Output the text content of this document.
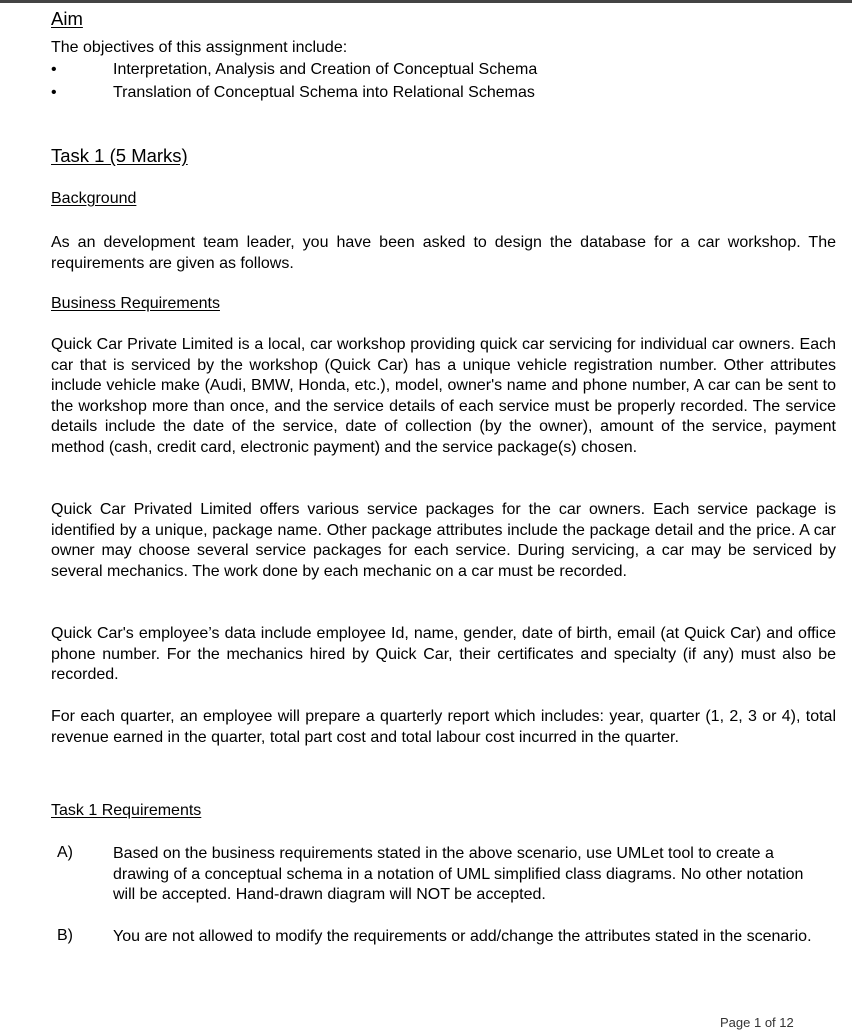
Aim
The objectives of this assignment include:
•	Interpretation, Analysis and Creation of Conceptual Schema
•	Translation of Conceptual Schema into Relational Schemas
Task 1 (5 Marks)
Background
As an development team leader, you have been asked to design the database for a car workshop. The requirements are given as follows.
Business Requirements
Quick Car Private Limited is a local, car workshop providing quick car servicing for individual car owners. Each car that is serviced by the workshop (Quick Car) has a unique vehicle registration number. Other attributes include vehicle make (Audi, BMW, Honda, etc.), model, owner's name and phone number, A car can be sent to the workshop more than once, and the service details of each service must be properly recorded. The service details include the date of the service, date of collection (by the owner), amount of the service, payment method (cash, credit card, electronic payment) and the service package(s) chosen.
Quick Car Privated Limited offers various service packages for the car owners. Each service package is identified by a unique, package name. Other package attributes include the package detail and the price. A car owner may choose several service packages for each service. During servicing, a car may be serviced by several mechanics. The work done by each mechanic on a car must be recorded.
Quick Car's employee’s data include employee Id, name, gender, date of birth, email (at Quick Car) and office phone number. For the mechanics hired by Quick Car, their certificates and specialty (if any) must also be recorded.
For each quarter, an employee will prepare a quarterly report which includes: year, quarter (1, 2, 3 or 4), total revenue earned in the quarter, total part cost and total labour cost incurred in the quarter.
Task 1 Requirements
A)	Based on the business requirements stated in the above scenario, use UMLet tool to create a drawing of a conceptual schema in a notation of UML simplified class diagrams. No other notation will be accepted. Hand-drawn diagram will NOT be accepted.
B)	You are not allowed to modify the requirements or add/change the attributes stated in the scenario.
Page 1 of 12
